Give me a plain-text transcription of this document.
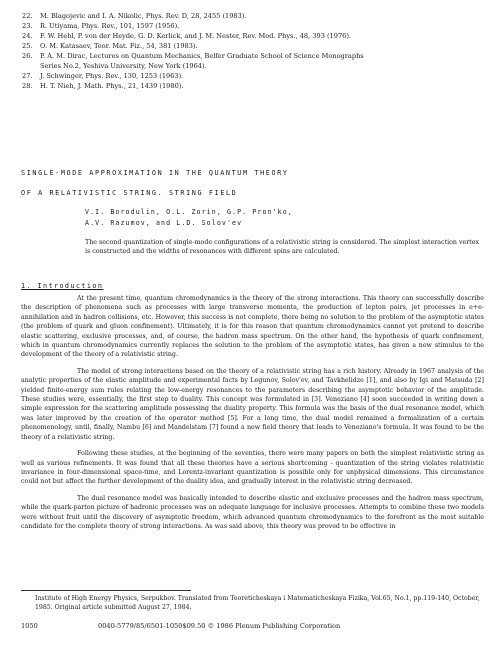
22.	M. Blagojevic and I. A. Nikolic, Phys. Rev. D, 28, 2455 (1983).
23.	R. Utiyama, Phys. Rev., 101, 1597 (1956).
24.	F. W. Hehl, P. von der Heyde, G. D. Kerlick, and J. M. Nester, Rev. Mod. Phys., 48, 393 (1976).
25.	O. M. Katasaev, Teor. Mat. Fiz., 54, 381 (1983).
26.	P. A. M. Dirac, Lectures on Quantum Mechanics, Belfer Graduate School of Science Monographs
Series No.2, Yeshiva University, New York (1964).
27.	J. Schwinger, Phys. Rev., 130, 1253 (1963).
28.	H. T. Nieh, J. Math. Phys., 21, 1439 (1980).
SINGLE-MODE APPROXIMATION IN THE QUANTUM THEORY
OF A RELATIVISTIC STRING. STRING FIELD
V.I. Borodulin, O.L. Zorin, G.P. Pron'ko,
A.V. Razumov, and L.D. Solov'ev
The second quantization of single-mode configurations of a relativistic string is considered. The simplest interaction vertex is constructed and the widths of resonances with different spins are calculated.
1. Introduction

At the present time, quantum chromodynamics is the theory of the strong interactions. This theory can successfully describe the description of phenomena such as processes with large transverse momenta, the production of lepton pairs, jet processes in e+e- annihilation and in hadron collisions, etc. However, this success is not complete, there being no solution to the problem of the asymptotic states (the problem of quark and gluon confinement). Ultimately, it is for this reason that quantum chromodynamics cannot yet pretend to describe elastic scattering, exclusive processes, and, of course, the hadron mass spectrum. On the other hand, the hypothesis of quark confinement, which in quantum chromodynamics currently replaces the solution to the problem of the asymptotic states, has given a new stimulus to the development of the theory of a relativistic string.

The model of strong interactions based on the theory of a relativistic string has a rich history. Already in 1967 analysis of the analytic properties of the elastic amplitude and experimental facts by Logunov, Solov'ev, and Tavkhelidze [1], and also by Igi and Matsuda [2] yielded finite-energy sum rules relating the low-energy resonances to the parameters describing the asymptotic behavior of the amplitude. These studies were, essentially, the first step to duality. This concept was formulated in [3]. Veneziano [4] soon succeeded in writing down a simple expression for the scattering amplitude possessing the duality property. This formula was the basis of the dual resonance model, which was later improved by the creation of the operator method [5]. For a long time, the dual model remained a formalization of a certain phenomenology, until, finally, Nambu [6] and Mandelstam [7] found a new field theory that leads to Veneziano's formula. It was found to be the theory of a relativistic string.

Following these studies, at the beginning of the seventies, there were many papers on both the simplest relativistic string as well as various refinements. It was found that all these theories have a serious shortcoming - quantization of the string violates relativistic invariance in four-dimensional space-time, and Lorentz-invariant quantization is possible only for unphysical dimensions. This circumstance could not but affect the further development of the duality idea, and gradually interest in the relativistic string decreased.

The dual resonance model was basically intended to describe elastic and exclusive processes and the hadron mass spectrum, while the quark-parton picture of hadronic processes was an adequate language for inclusive processes. Attempts to combine these two models were without fruit until the discovery of asymptotic freedom, which advanced quantum chromodynamics to the forefront as the most suitable candidate for the complete theory of strong interactions. As was said above, this theory was proved to be effective in

Institute of High Energy Physics, Serpukhov. Translated from Teoreticheskaya i Matematicheskaya Fizika, Vol.65, No.1, pp.119-140, October, 1985. Original article submitted August 27, 1984.
1050	0040-5779/85/6501-1050$09.50 © 1986 Plenum Publishing Corporation
